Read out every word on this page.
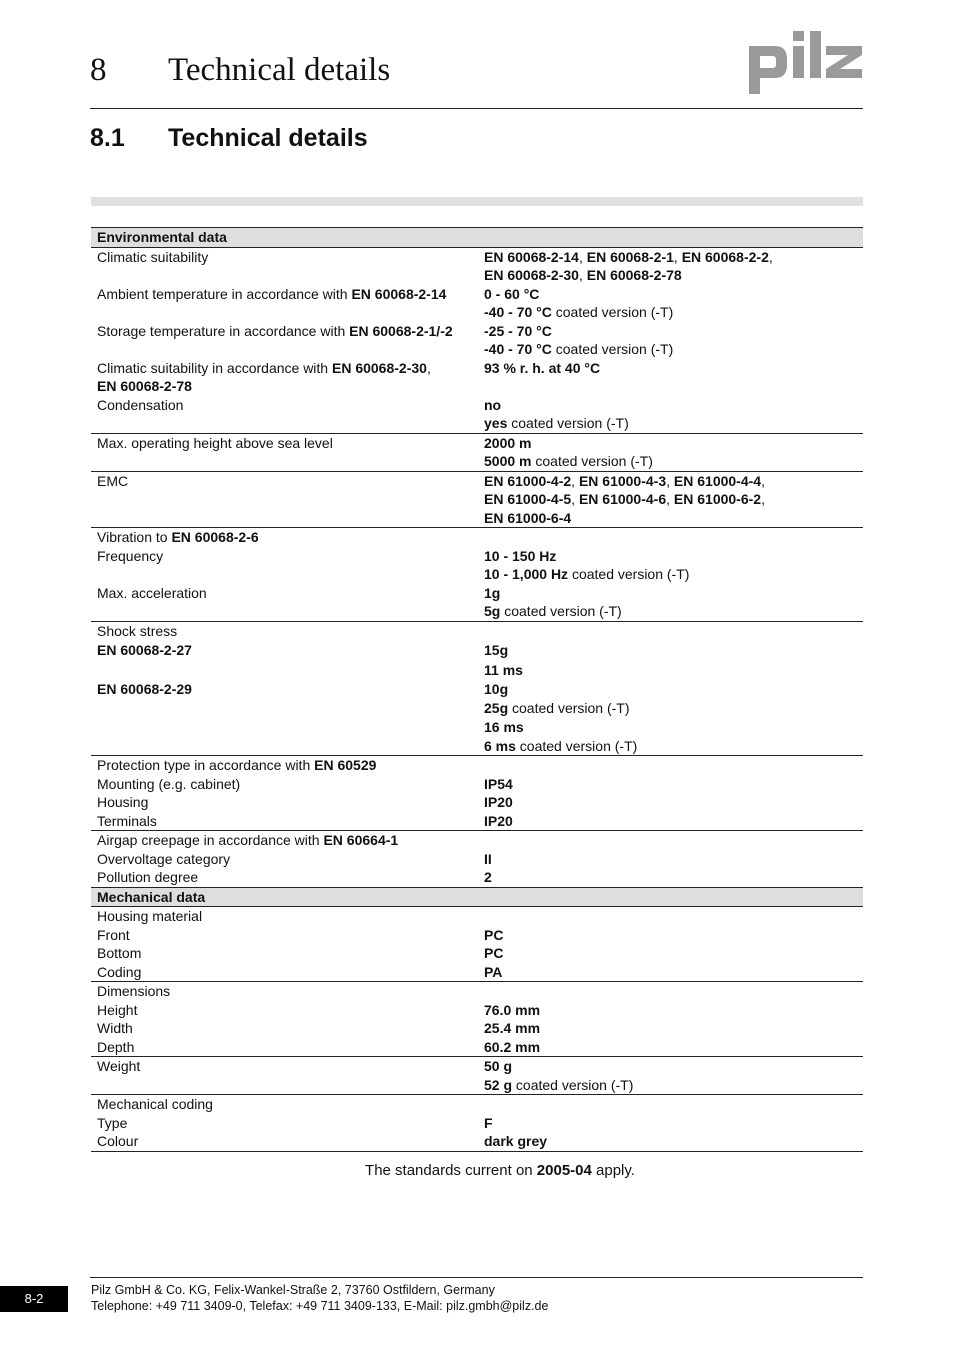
8 Technical details
8.1 Technical details
Environmental data	
Climatic suitability	EN 60068-2-14, EN 60068-2-1, EN 60068-2-2,
EN 60068-2-30, EN 60068-2-78
Ambient temperature in accordance with EN 60068-2-14	0 - 60 °C
-40 - 70 °C coated version (-T)
Storage temperature in accordance with EN 60068-2-1/-2	-25 - 70 °C
-40 - 70 °C coated version (-T)
Climatic suitability in accordance with EN 60068-2-30,
EN 60068-2-78	93 % r. h. at 40 °C
Condensation	no
yes coated version (-T)
Max. operating height above sea level	2000 m
5000 m coated version (-T)
EMC	EN 61000-4-2, EN 61000-4-3, EN 61000-4-4,
EN 61000-4-5, EN 61000-4-6, EN 61000-6-2,
EN 61000-6-4
Vibration to EN 60068-2-6	
Frequency	10 - 150 Hz
10 - 1,000 Hz coated version (-T)
Max. acceleration	1g
5g coated version (-T)
Shock stress	
EN 60068-2-27	15g
	11 ms
EN 60068-2-29	10g
25g coated version (-T)
	16 ms
6 ms coated version (-T)
Protection type in accordance with EN 60529	
Mounting (e.g. cabinet)	IP54
Housing	IP20
Terminals	IP20
Airgap creepage in accordance with EN 60664-1	
Overvoltage category	II
Pollution degree	2
Mechanical data	
Housing material	
Front	PC
Bottom	PC
Coding	PA
Dimensions	
Height	76.0 mm
Width	25.4 mm
Depth	60.2 mm
Weight	50 g
52 g coated version (-T)
Mechanical coding	
Type	F
Colour	dark grey
The standards current on 2005-04 apply.
8-2
Pilz GmbH & Co. KG, Felix-Wankel-Straße 2, 73760 Ostfildern, Germany
Telephone: +49 711 3409-0, Telefax: +49 711 3409-133, E-Mail: pilz.gmbh@pilz.de
